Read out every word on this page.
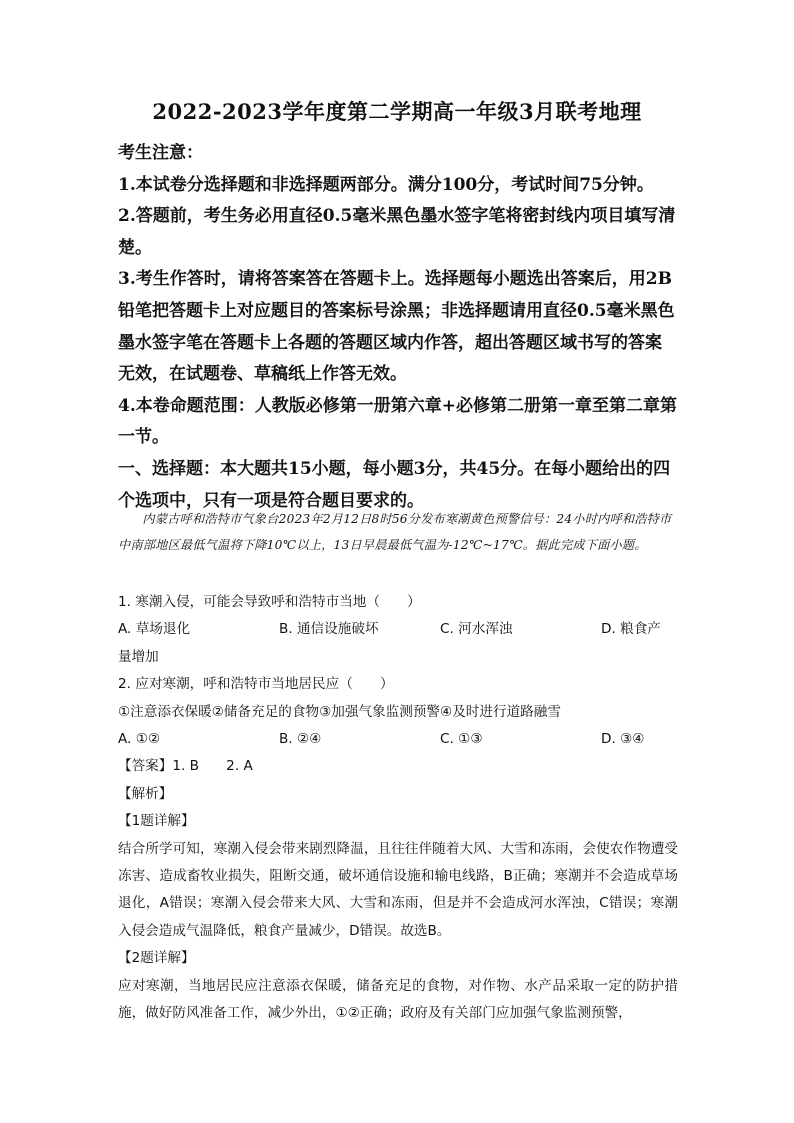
2022-2023学年度第二学期高一年级3月联考地理

考生注意：

1.本试卷分选择题和非选择题两部分。满分100分，考试时间75分钟。

2.答题前，考生务必用直径0.5毫米黑色墨水签字笔将密封线内项目填写清楚。

3.考生作答时，请将答案答在答题卡上。选择题每小题选出答案后，用2B铅笔把答题卡上对应题目的答案标号涂黑；非选择题请用直径0.5毫米黑色墨水签字笔在答题卡上各题的答题区域内作答，超出答题区域书写的答案无效，在试题卷、草稿纸上作答无效。

4.本卷命题范围：人教版必修第一册第六章+必修第二册第一章至第二章第一节。

一、选择题：本大题共15小题，每小题3分，共45分。在每小题给出的四个选项中，只有一项是符合题目要求的。

内蒙古呼和浩特市气象台2023年2月12日8时56分发布寒潮黄色预警信号：24小时内呼和浩特市中南部地区最低气温将下降10℃以上，13日早晨最低气温为-12℃~17℃。据此完成下面小题。

1. 寒潮入侵，可能会导致呼和浩特市当地（　　）

A. 草场退化	B. 通信设施破坏	C. 河水浑浊	D. 粮食产

量增加

2. 应对寒潮，呼和浩特市当地居民应（　　）

①注意添衣保暖②储备充足的食物③加强气象监测预警④及时进行道路融雪

A. ①②	B. ②④	C. ①③	D. ③④

【答案】1. B　　2. A

【解析】

【1题详解】

结合所学可知，寒潮入侵会带来剧烈降温，且往往伴随着大风、大雪和冻雨，会使农作物遭受冻害、造成畜牧业损失，阻断交通，破坏通信设施和输电线路，B正确；寒潮并不会造成草场退化，A错误；寒潮入侵会带来大风、大雪和冻雨，但是并不会造成河水浑浊，C错误；寒潮入侵会造成气温降低，粮食产量减少，D错误。故选B。

【2题详解】

应对寒潮，当地居民应注意添衣保暖，储备充足的食物，对作物、水产品采取一定的防护措施，做好防风准备工作，减少外出，①②正确；政府及有关部门应加强气象监测预警，
